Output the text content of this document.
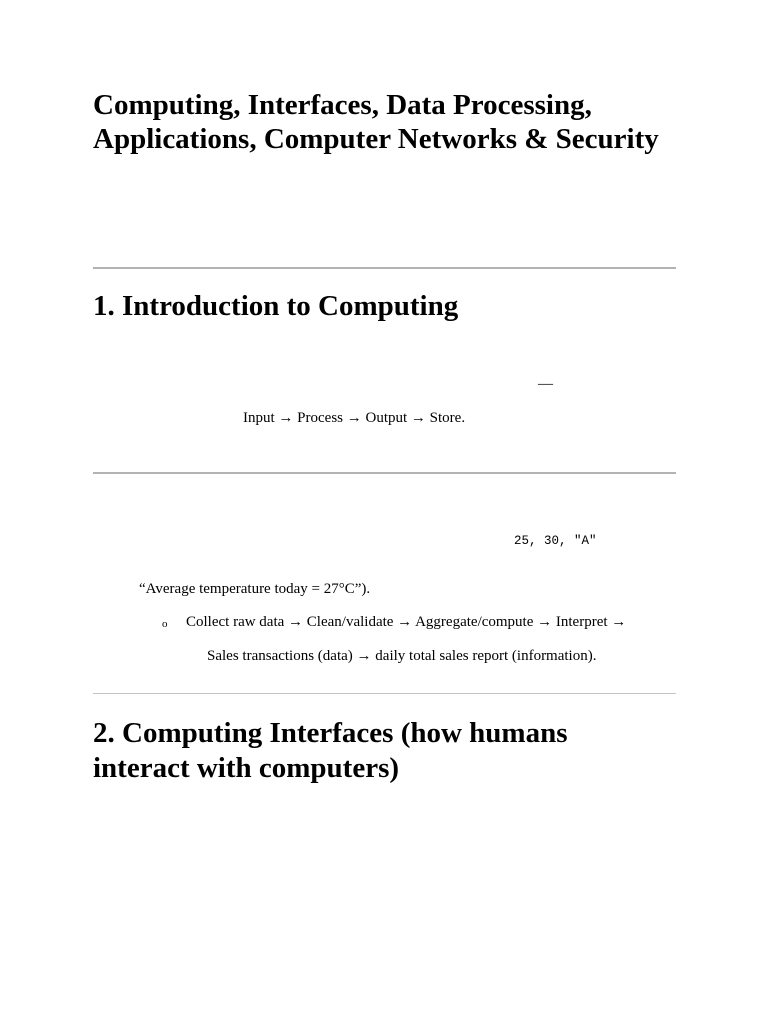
Computing, Interfaces, Data Processing, Applications, Computer Networks & Security
1. Introduction to Computing
—
Input → Process → Output → Store.
25, 30, "A"
“Average temperature today = 27°C”).
o Collect raw data → Clean/validate → Aggregate/compute → Interpret →
Sales transactions (data) → daily total sales report (information).
2. Computing Interfaces (how humans interact with computers)
